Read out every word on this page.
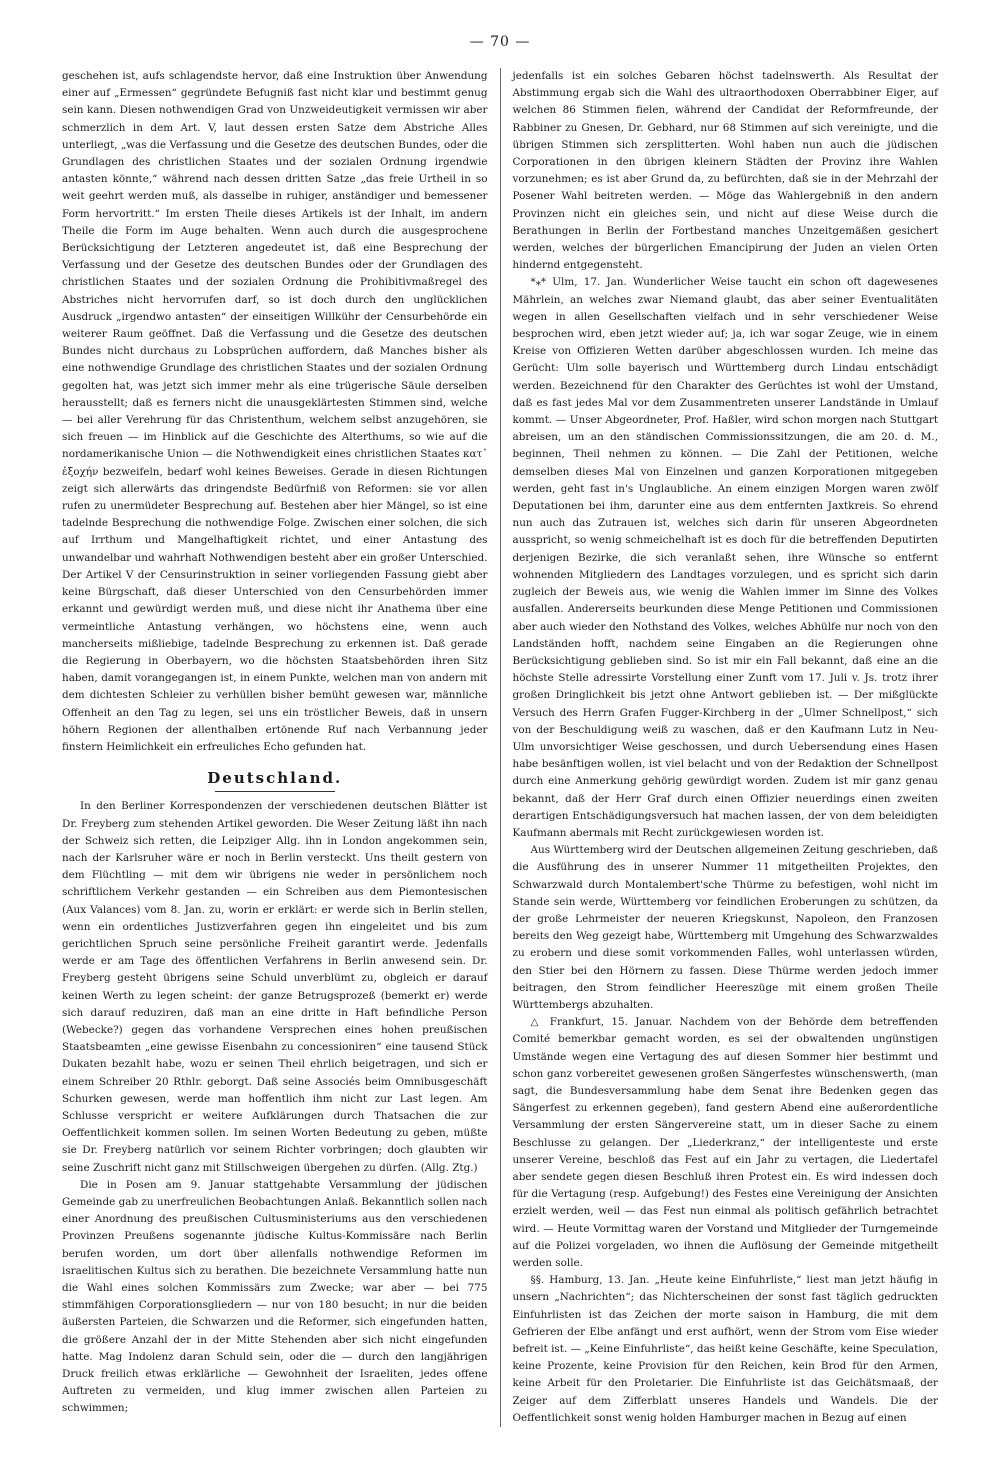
— 70 —

geschehen ist, aufs schlagendste hervor, daß eine Instruktion über Anwendung einer auf „Ermessen“ gegründete Befugniß fast nicht klar und bestimmt genug sein kann. Diesen nothwendigen Grad von Unzweideutigkeit vermissen wir aber schmerzlich in dem Art. V, laut dessen ersten Satze dem Abstriche Alles unterliegt, „was die Verfassung und die Gesetze des deutschen Bundes, oder die Grundlagen des christlichen Staates und der sozialen Ordnung irgendwie antasten könnte,“ während nach dessen dritten Satze „das freie Urtheil in so weit geehrt werden muß, als dasselbe in ruhiger, anständiger und bemessener Form hervortritt.“ Im ersten Theile dieses Artikels ist der Inhalt, im andern Theile die Form im Auge behalten. Wenn auch durch die ausgesprochene Berücksichtigung der Letzteren angedeutet ist, daß eine Besprechung der Verfassung und der Gesetze des deutschen Bundes oder der Grundlagen des christlichen Staates und der sozialen Ordnung die Prohibitivmaßregel des Abstriches nicht hervorrufen darf, so ist doch durch den unglücklichen Ausdruck „irgendwo antasten“ der einseitigen Willkühr der Censurbehörde ein weiterer Raum geöffnet. Daß die Verfassung und die Gesetze des deutschen Bundes nicht durchaus zu Lobsprüchen auffordern, daß Manches bisher als eine nothwendige Grundlage des christlichen Staates und der sozialen Ordnung gegolten hat, was jetzt sich immer mehr als eine trügerische Säule derselben herausstellt; daß es ferners nicht die unausgeklärtesten Stimmen sind, welche — bei aller Verehrung für das Christenthum, welchem selbst anzugehören, sie sich freuen — im Hinblick auf die Geschichte des Alterthums, so wie auf die nordamerikanische Union — die Nothwendigkeit eines christlichen Staates κατ᾽ ἐξοχήν bezweifeln, bedarf wohl keines Beweises. Gerade in diesen Richtungen zeigt sich allerwärts das dringendste Bedürfniß von Reformen: sie vor allen rufen zu unermüdeter Besprechung auf. Bestehen aber hier Mängel, so ist eine tadelnde Besprechung die nothwendige Folge. Zwischen einer solchen, die sich auf Irrthum und Mangelhaftigkeit richtet, und einer Antastung des unwandelbar und wahrhaft Nothwendigen besteht aber ein großer Unterschied. Der Artikel V der Censurinstruktion in seiner vorliegenden Fassung giebt aber keine Bürgschaft, daß dieser Unterschied von den Censurbehörden immer erkannt und gewürdigt werden muß, und diese nicht ihr Anathema über eine vermeintliche Antastung verhängen, wo höchstens eine, wenn auch mancherseits mißliebige, tadelnde Besprechung zu erkennen ist. Daß gerade die Regierung in Oberbayern, wo die höchsten Staatsbehörden ihren Sitz haben, damit vorangegangen ist, in einem Punkte, welchen man von andern mit dem dichtesten Schleier zu verhüllen bisher bemüht gewesen war, männliche Offenheit an den Tag zu legen, sei uns ein tröstlicher Beweis, daß in unsern höhern Regionen der allenthalben ertönende Ruf nach Verbannung jeder finstern Heimlichkeit ein erfreuliches Echo gefunden hat.

Deutschland.

In den Berliner Korrespondenzen der verschiedenen deutschen Blätter ist Dr. Freyberg zum stehenden Artikel geworden. Die Weser Zeitung läßt ihn nach der Schweiz sich retten, die Leipziger Allg. ihn in London angekommen sein, nach der Karlsruher wäre er noch in Berlin versteckt. Uns theilt gestern von dem Flüchtling — mit dem wir übrigens nie weder in persönlichem noch schriftlichem Verkehr gestanden — ein Schreiben aus dem Piemontesischen (Aux Valances) vom 8. Jan. zu, worin er erklärt: er werde sich in Berlin stellen, wenn ein ordentliches Justizverfahren gegen ihn eingeleitet und bis zum gerichtlichen Spruch seine persönliche Freiheit garantirt werde. Jedenfalls werde er am Tage des öffentlichen Verfahrens in Berlin anwesend sein. Dr. Freyberg gesteht übrigens seine Schuld unverblümt zu, obgleich er darauf keinen Werth zu legen scheint: der ganze Betrugsprozeß (bemerkt er) werde sich darauf reduziren, daß man an eine dritte in Haft befindliche Person (Webecke?) gegen das vorhandene Versprechen eines hohen preußischen Staatsbeamten „eine gewisse Eisenbahn zu concessioniren“ eine tausend Stück Dukaten bezahlt habe, wozu er seinen Theil ehrlich beigetragen, und sich er einem Schreiber 20 Rthlr. geborgt. Daß seine Associés beim Omnibusgeschäft Schurken gewesen, werde man hoffentlich ihm nicht zur Last legen. Am Schlusse verspricht er weitere Aufklärungen durch Thatsachen die zur Oeffentlichkeit kommen sollen. Im seinen Worten Bedeutung zu geben, müßte sie Dr. Freyberg natürlich vor seinem Richter vorbringen; doch glaubten wir seine Zuschrift nicht ganz mit Stillschweigen übergehen zu dürfen. (Allg. Ztg.)

Die in Posen am 9. Januar stattgehabte Versammlung der jüdischen Gemeinde gab zu unerfreulichen Beobachtungen Anlaß. Bekanntlich sollen nach einer Anordnung des preußischen Cultusministeriums aus den verschiedenen Provinzen Preußens sogenannte jüdische Kultus-Kommissäre nach Berlin berufen worden, um dort über allenfalls nothwendige Reformen im israelitischen Kultus sich zu berathen. Die bezeichnete Versammlung hatte nun die Wahl eines solchen Kommissärs zum Zwecke; war aber — bei 775 stimmfähigen Corporationsgliedern — nur von 180 besucht; in nur die beiden äußersten Parteien, die Schwarzen und die Reformer, sich eingefunden hatten, die größere Anzahl der in der Mitte Stehenden aber sich nicht eingefunden hatte. Mag Indolenz daran Schuld sein, oder die — durch den langjährigen Druck freilich etwas erklärliche — Gewohnheit der Israeliten, jedes offene Auftreten zu vermeiden, und klug immer zwischen allen Parteien zu schwimmen;

jedenfalls ist ein solches Gebaren höchst tadelnswerth. Als Resultat der Abstimmung ergab sich die Wahl des ultraorthodoxen Oberrabbiner Eiger, auf welchen 86 Stimmen fielen, während der Candidat der Reformfreunde, der Rabbiner zu Gnesen, Dr. Gebhard, nur 68 Stimmen auf sich vereinigte, und die übrigen Stimmen sich zersplitterten. Wohl haben nun auch die jüdischen Corporationen in den übrigen kleinern Städten der Provinz ihre Wahlen vorzunehmen; es ist aber Grund da, zu befürchten, daß sie in der Mehrzahl der Posener Wahl beitreten werden. — Möge das Wahlergebniß in den andern Provinzen nicht ein gleiches sein, und nicht auf diese Weise durch die Berathungen in Berlin der Fortbestand manches Unzeitgemäßen gesichert werden, welches der bürgerlichen Emancipirung der Juden an vielen Orten hindernd entgegensteht.

*⁎* Ulm, 17. Jan. Wunderlicher Weise taucht ein schon oft dagewesenes Mährlein, an welches zwar Niemand glaubt, das aber seiner Eventualitäten wegen in allen Gesellschaften vielfach und in sehr verschiedener Weise besprochen wird, eben jetzt wieder auf; ja, ich war sogar Zeuge, wie in einem Kreise von Offizieren Wetten darüber abgeschlossen wurden. Ich meine das Gerücht: Ulm solle bayerisch und Württemberg durch Lindau entschädigt werden. Bezeichnend für den Charakter des Gerüchtes ist wohl der Umstand, daß es fast jedes Mal vor dem Zusammentreten unserer Landstände in Umlauf kommt. — Unser Abgeordneter, Prof. Haßler, wird schon morgen nach Stuttgart abreisen, um an den ständischen Commissionssitzungen, die am 20. d. M., beginnen, Theil nehmen zu können. — Die Zahl der Petitionen, welche demselben dieses Mal von Einzelnen und ganzen Korporationen mitgegeben werden, geht fast in's Unglaubliche. An einem einzigen Morgen waren zwölf Deputationen bei ihm, darunter eine aus dem entfernten Jaxtkreis. So ehrend nun auch das Zutrauen ist, welches sich darin für unseren Abgeordneten ausspricht, so wenig schmeichelhaft ist es doch für die betreffenden Deputirten derjenigen Bezirke, die sich veranlaßt sehen, ihre Wünsche so entfernt wohnenden Mitgliedern des Landtages vorzulegen, und es spricht sich darin zugleich der Beweis aus, wie wenig die Wahlen immer im Sinne des Volkes ausfallen. Andererseits beurkunden diese Menge Petitionen und Commissionen aber auch wieder den Nothstand des Volkes, welches Abhülfe nur noch von den Landständen hofft, nachdem seine Eingaben an die Regierungen ohne Berücksichtigung geblieben sind. So ist mir ein Fall bekannt, daß eine an die höchste Stelle adressirte Vorstellung einer Zunft vom 17. Juli v. Js. trotz ihrer großen Dringlichkeit bis jetzt ohne Antwort geblieben ist. — Der mißglückte Versuch des Herrn Grafen Fugger-Kirchberg in der „Ulmer Schnellpost,“ sich von der Beschuldigung weiß zu waschen, daß er den Kaufmann Lutz in Neu-Ulm unvorsichtiger Weise geschossen, und durch Uebersendung eines Hasen habe besänftigen wollen, ist viel belacht und von der Redaktion der Schnellpost durch eine Anmerkung gehörig gewürdigt worden. Zudem ist mir ganz genau bekannt, daß der Herr Graf durch einen Offizier neuerdings einen zweiten derartigen Entschädigungsversuch hat machen lassen, der von dem beleidigten Kaufmann abermals mit Recht zurückgewiesen worden ist.

Aus Württemberg wird der Deutschen allgemeinen Zeitung geschrieben, daß die Ausführung des in unserer Nummer 11 mitgetheilten Projektes, den Schwarzwald durch Montalembert'sche Thürme zu befestigen, wohl nicht im Stande sein werde, Württemberg vor feindlichen Eroberungen zu schützen, da der große Lehrmeister der neueren Kriegskunst, Napoleon, den Franzosen bereits den Weg gezeigt habe, Württemberg mit Umgehung des Schwarzwaldes zu erobern und diese somit vorkommenden Falles, wohl unterlassen würden, den Stier bei den Hörnern zu fassen. Diese Thürme werden jedoch immer beitragen, den Strom feindlicher Heereszüge mit einem großen Theile Württembergs abzuhalten.

△ Frankfurt, 15. Januar. Nachdem von der Behörde dem betreffenden Comité bemerkbar gemacht worden, es sei der obwaltenden ungünstigen Umstände wegen eine Vertagung des auf diesen Sommer hier bestimmt und schon ganz vorbereitet gewesenen großen Sängerfestes wünschenswerth, (man sagt, die Bundesversammlung habe dem Senat ihre Bedenken gegen das Sängerfest zu erkennen gegeben), fand gestern Abend eine außerordentliche Versammlung der ersten Sängervereine statt, um in dieser Sache zu einem Beschlusse zu gelangen. Der „Liederkranz,“ der intelligenteste und erste unserer Vereine, beschloß das Fest auf ein Jahr zu vertagen, die Liedertafel aber sendete gegen diesen Beschluß ihren Protest ein. Es wird indessen doch für die Vertagung (resp. Aufgebung!) des Festes eine Vereinigung der Ansichten erzielt werden, weil — das Fest nun einmal als politisch gefährlich betrachtet wird. — Heute Vormittag waren der Vorstand und Mitglieder der Turngemeinde auf die Polizei vorgeladen, wo ihnen die Auflösung der Gemeinde mitgetheilt werden solle.

§§. Hamburg, 13. Jan. „Heute keine Einfuhrliste,“ liest man jetzt häufig in unsern „Nachrichten“; das Nichterscheinen der sonst fast täglich gedruckten Einfuhrlisten ist das Zeichen der morte saison in Hamburg, die mit dem Gefrieren der Elbe anfängt und erst aufhört, wenn der Strom vom Eise wieder befreit ist. — „Keine Einfuhrliste“, das heißt keine Geschäfte, keine Speculation, keine Prozente, keine Provision für den Reichen, kein Brod für den Armen, keine Arbeit für den Proletarier. Die Einfuhrliste ist das Geichätsmaaß, der Zeiger auf dem Zifferblatt unseres Handels und Wandels. Die der Oeffentlichkeit sonst wenig holden Hamburger machen in Bezug auf einen
